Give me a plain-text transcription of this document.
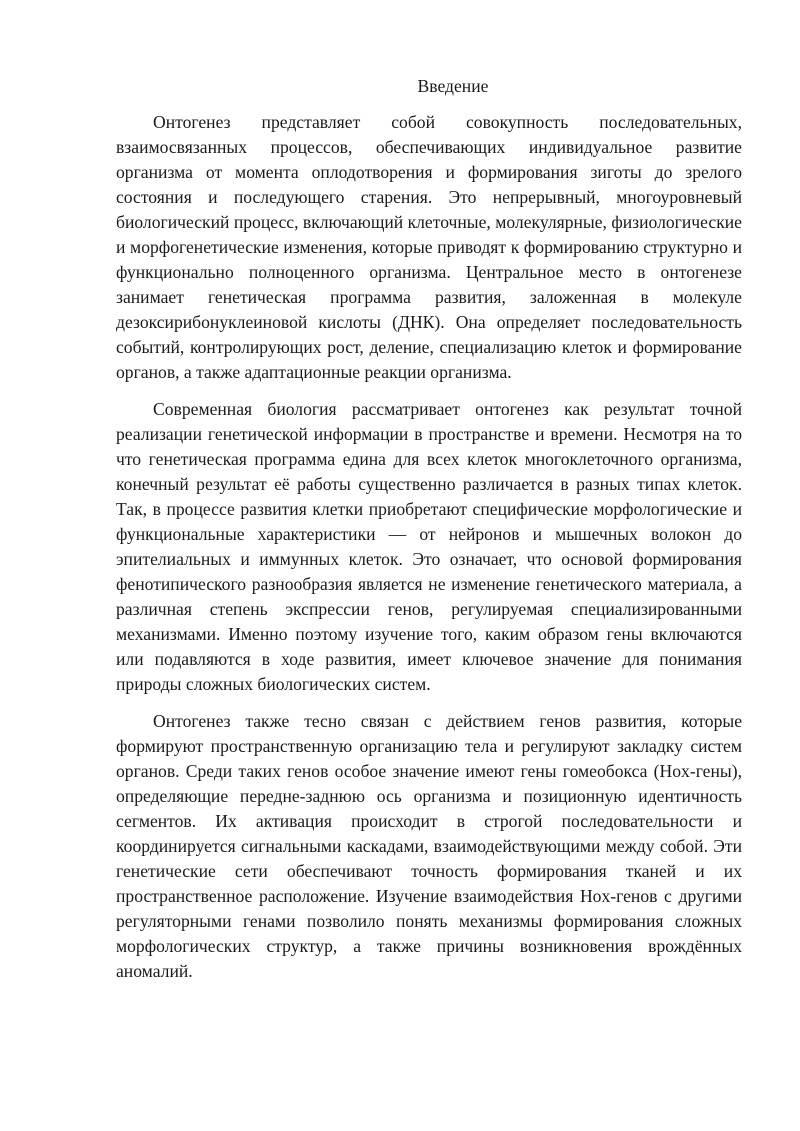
Введение

Онтогенез представляет собой совокупность последовательных, взаимосвязанных процессов, обеспечивающих индивидуальное развитие организма от момента оплодотворения и формирования зиготы до зрелого состояния и последующего старения. Это непрерывный, многоуровневый биологический процесс, включающий клеточные, молекулярные, физиологические и морфогенетические изменения, которые приводят к формированию структурно и функционально полноценного организма. Центральное место в онтогенезе занимает генетическая программа развития, заложенная в молекуле дезоксирибонуклеиновой кислоты (ДНК). Она определяет последовательность событий, контролирующих рост, деление, специализацию клеток и формирование органов, а также адаптационные реакции организма.

Современная биология рассматривает онтогенез как результат точной реализации генетической информации в пространстве и времени. Несмотря на то что генетическая программа едина для всех клеток многоклеточного организма, конечный результат её работы существенно различается в разных типах клеток. Так, в процессе развития клетки приобретают специфические морфологические и функциональные характеристики — от нейронов и мышечных волокон до эпителиальных и иммунных клеток. Это означает, что основой формирования фенотипического разнообразия является не изменение генетического материала, а различная степень экспрессии генов, регулируемая специализированными механизмами. Именно поэтому изучение того, каким образом гены включаются или подавляются в ходе развития, имеет ключевое значение для понимания природы сложных биологических систем.

Онтогенез также тесно связан с действием генов развития, которые формируют пространственную организацию тела и регулируют закладку систем органов. Среди таких генов особое значение имеют гены гомеобокса (Hox-гены), определяющие передне-заднюю ось организма и позиционную идентичность сегментов. Их активация происходит в строгой последовательности и координируется сигнальными каскадами, взаимодействующими между собой. Эти генетические сети обеспечивают точность формирования тканей и их пространственное расположение. Изучение взаимодействия Hox-генов с другими регуляторными генами позволило понять механизмы формирования сложных морфологических структур, а также причины возникновения врождённых аномалий.
